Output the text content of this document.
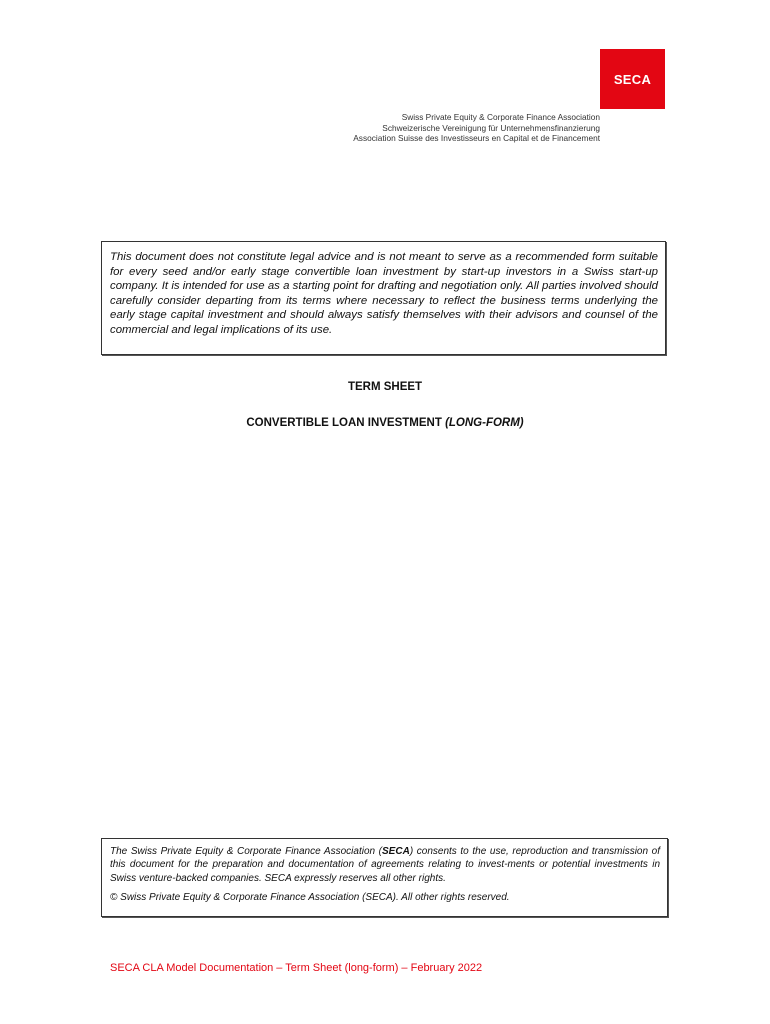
SECA
Swiss Private Equity & Corporate Finance Association
Schweizerische Vereinigung für Unternehmensfinanzierung
Association Suisse des Investisseurs en Capital et de Financement
This document does not constitute legal advice and is not meant to serve as a recommended form suitable for every seed and/or early stage convertible loan investment by start-up investors in a Swiss start-up company. It is intended for use as a starting point for drafting and negotiation only. All parties involved should carefully consider departing from its terms where necessary to reflect the business terms underlying the early stage capital investment and should always satisfy themselves with their advisors and counsel of the commercial and legal implications of its use.
TERM SHEET
CONVERTIBLE LOAN INVESTMENT (LONG-FORM)

The Swiss Private Equity & Corporate Finance Association (SECA) consents to the use, reproduction and transmission of this document for the preparation and documentation of agreements relating to invest-ments or potential investments in Swiss venture-backed companies. SECA expressly reserves all other rights.

© Swiss Private Equity & Corporate Finance Association (SECA). All other rights reserved.

SECA CLA Model Documentation – Term Sheet (long-form) – February 2022
